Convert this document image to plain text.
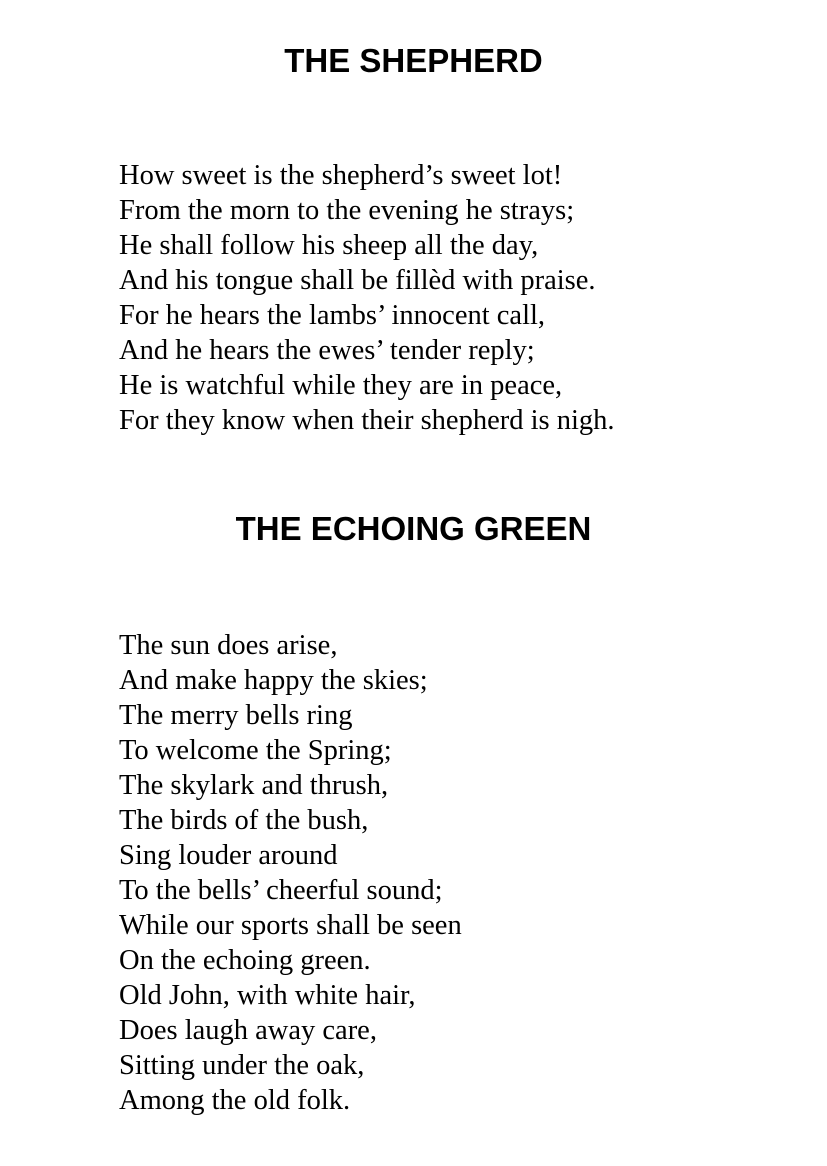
THE SHEPHERD
How sweet is the shepherd’s sweet lot!
From the morn to the evening he strays;
He shall follow his sheep all the day,
And his tongue shall be fillèd with praise.
For he hears the lambs’ innocent call,
And he hears the ewes’ tender reply;
He is watchful while they are in peace,
For they know when their shepherd is nigh.
THE ECHOING GREEN
The sun does arise,
And make happy the skies;
The merry bells ring
To welcome the Spring;
The skylark and thrush,
The birds of the bush,
Sing louder around
To the bells’ cheerful sound;
While our sports shall be seen
On the echoing green.
Old John, with white hair,
Does laugh away care,
Sitting under the oak,
Among the old folk.
